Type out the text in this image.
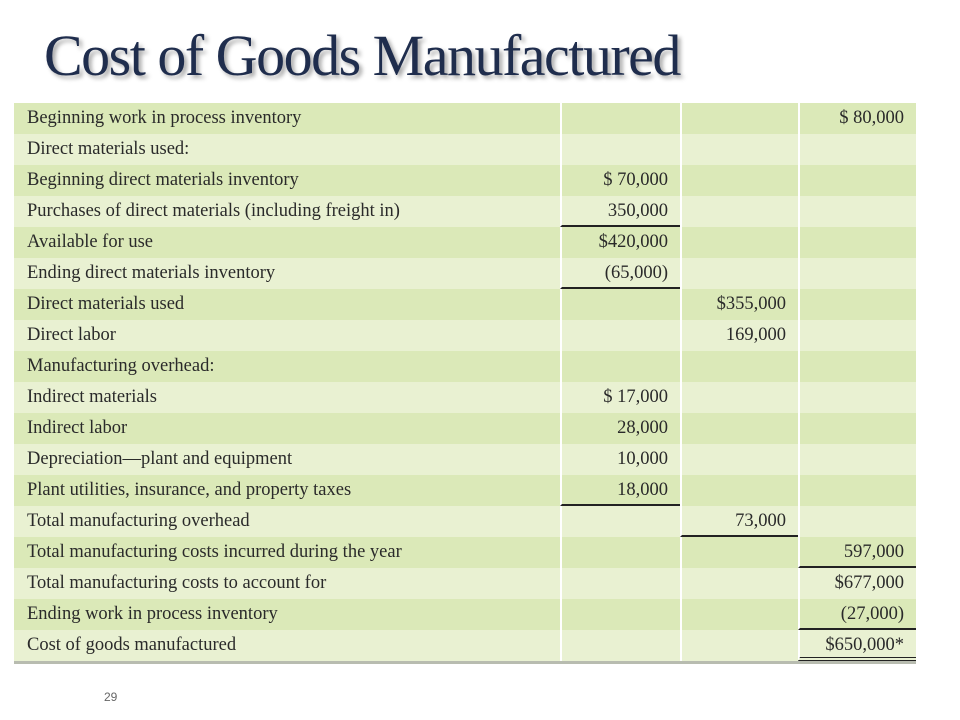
Cost of Goods Manufactured
Beginning work in process inventory	$ 80,000
Direct materials used:
Beginning direct materials inventory	$ 70,000
Purchases of direct materials (including freight in)	350,000
Available for use	$420,000
Ending direct materials inventory	(65,000)
Direct materials used	$355,000
Direct labor	169,000
Manufacturing overhead:
Indirect materials	$ 17,000
Indirect labor	28,000
Depreciation—plant and equipment	10,000
Plant utilities, insurance, and property taxes	18,000
Total manufacturing overhead	73,000
Total manufacturing costs incurred during the year	597,000
Total manufacturing costs to account for	$677,000
Ending work in process inventory	(27,000)
Cost of goods manufactured	$650,000*
29
